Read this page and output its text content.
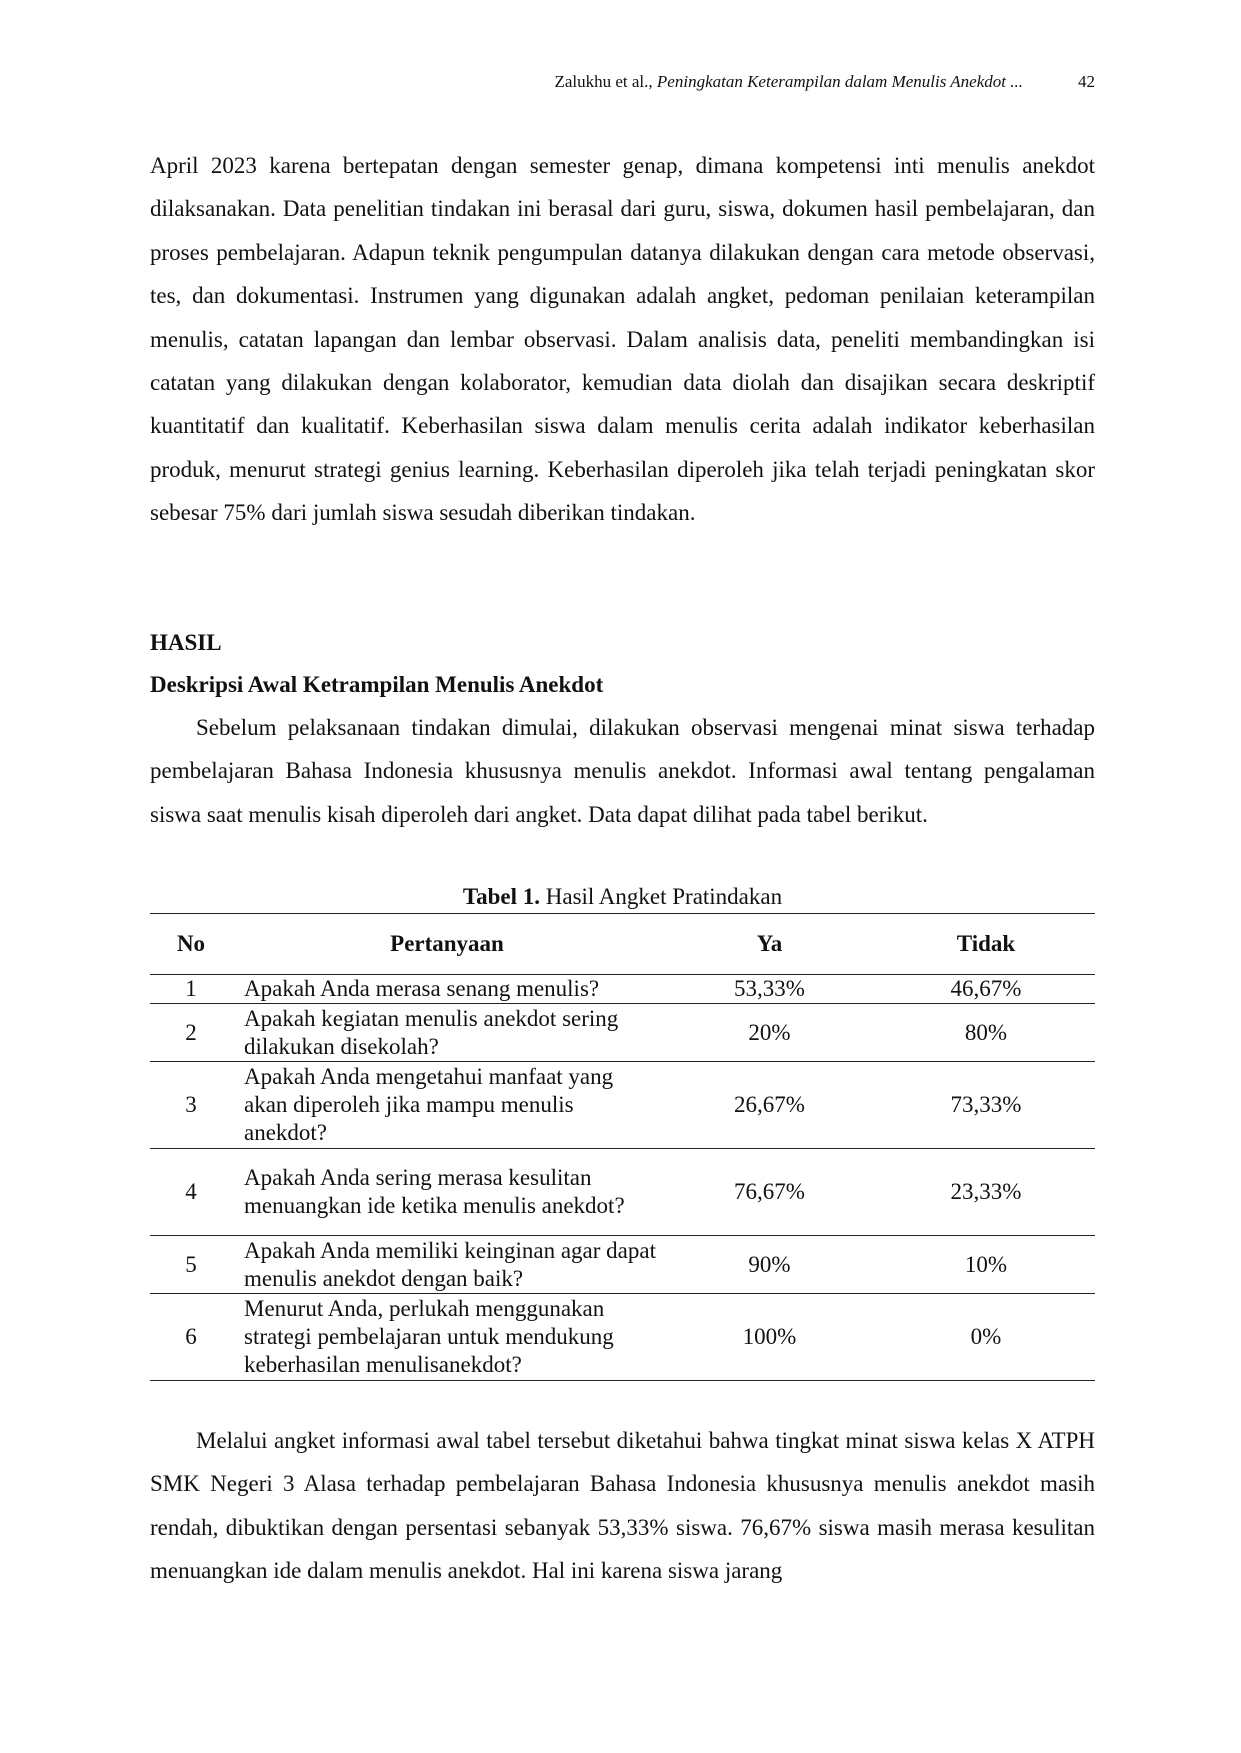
Zalukhu et al., Peningkatan Keterampilan dalam Menulis Anekdot ...	42

April 2023 karena bertepatan dengan semester genap, dimana kompetensi inti menulis anekdot dilaksanakan. Data penelitian tindakan ini berasal dari guru, siswa, dokumen hasil pembelajaran, dan proses pembelajaran. Adapun teknik pengumpulan datanya dilakukan dengan cara metode observasi, tes, dan dokumentasi. Instrumen yang digunakan adalah angket, pedoman penilaian keterampilan menulis, catatan lapangan dan lembar observasi. Dalam analisis data, peneliti membandingkan isi catatan yang dilakukan dengan kolaborator, kemudian data diolah dan disajikan secara deskriptif kuantitatif dan kualitatif. Keberhasilan siswa dalam menulis cerita adalah indikator keberhasilan produk, menurut strategi genius learning. Keberhasilan diperoleh jika telah terjadi peningkatan skor sebesar 75% dari jumlah siswa sesudah diberikan tindakan.

HASIL
Deskripsi Awal Ketrampilan Menulis Anekdot

Sebelum pelaksanaan tindakan dimulai, dilakukan observasi mengenai minat siswa terhadap pembelajaran Bahasa Indonesia khususnya menulis anekdot. Informasi awal tentang pengalaman siswa saat menulis kisah diperoleh dari angket. Data dapat dilihat pada tabel berikut.

Tabel 1. Hasil Angket Pratindakan
No	Pertanyaan	Ya	Tidak
1	Apakah Anda merasa senang menulis?	53,33%	46,67%
2	Apakah kegiatan menulis anekdot sering dilakukan disekolah?	20%	80%
3	Apakah Anda mengetahui manfaat yang akan diperoleh jika mampu menulis anekdot?	26,67%	73,33%
4	Apakah Anda sering merasa kesulitan menuangkan ide ketika menulis anekdot?	76,67%	23,33%
5	Apakah Anda memiliki keinginan agar dapat menulis anekdot dengan baik?	90%	10%
6	Menurut Anda, perlukah menggunakan strategi pembelajaran untuk mendukung keberhasilan menulisanekdot?	100%	0%

Melalui angket informasi awal tabel tersebut diketahui bahwa tingkat minat siswa kelas X ATPH SMK Negeri 3 Alasa terhadap pembelajaran Bahasa Indonesia khususnya menulis anekdot masih rendah, dibuktikan dengan persentasi sebanyak 53,33% siswa. 76,67% siswa masih merasa kesulitan menuangkan ide dalam menulis anekdot. Hal ini karena siswa jarang
